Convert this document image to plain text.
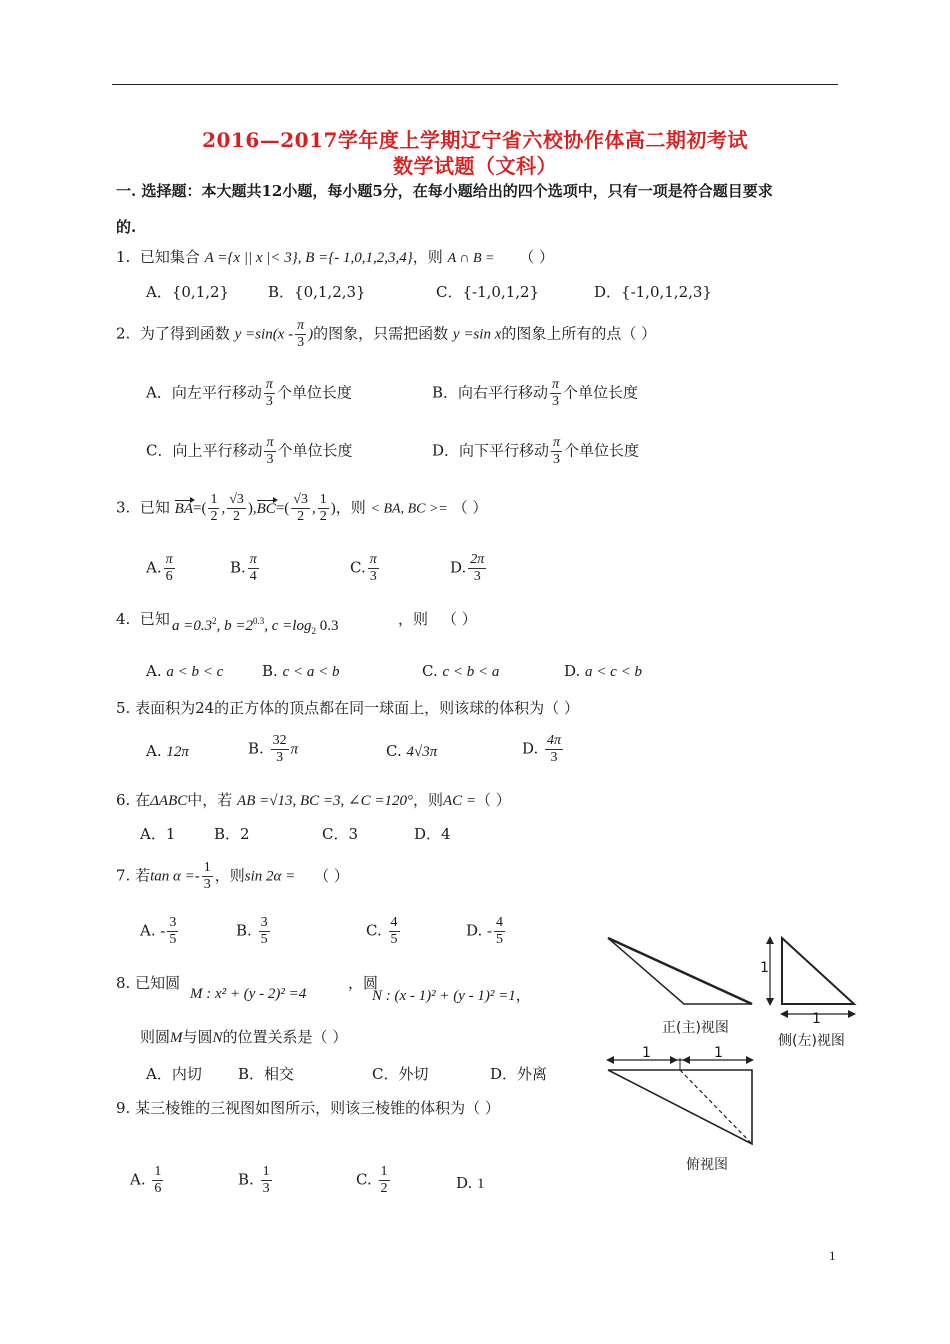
2016—2017学年度上学期辽宁省六校协作体高二期初考试
数学试题（文科）
一. 选择题：本大题共12小题，每小题5分，在每小题给出的四个选项中，只有一项是符合题目要求
的.
1. 已知集合 A ={x || x |< 3}, B ={- 1,0,1,2,3,4}，则 A ∩ B = （ ）
A．{0,1,2}	B．{0,1,2,3}	C．{-1,0,1,2}	D．{-1,0,1,2,3}
2. 为了得到函数 $y =\sin(x - \frac{\pi}{3}$ )的图象，只需把函数 y =sin x的图象上所有的点（ ）
A．向左平行移动 $\frac{\pi}{3}$ 个单位长度	B．向右平行移动 $\frac{\pi}{3}$ 个单位长度
C．向上平行移动 $\frac{\pi}{3}$ 个单位长度	D．向下平行移动 $\frac{\pi}{3}$ 个单位长度
3. 已知 $BA=( \frac{1}{2}$ , $\frac{√3}{2} ),BC=( \frac{√3}{2}$ , $\frac{1}{2}$ )，则 < BA, BC >= （ ）
A. $\frac{\pi}{6}$	B. $\frac{\pi}{4}$	C. $\frac{\pi}{3}$	D. $\frac{2\pi}{3}$
4. 已知 $a =0.3^2$, $b =2^{0.3}$, $c =\log_2$ 0.3	，则 （ ）
A. a < b < c	B. c < a < b	C. c < b < a	D. a < c < b
5. 表面积为24的正方体的顶点都在同一球面上，则该球的体积为（ ）
A. 12π	B. $\frac{32}{3}$ π	C. 4√3π	D. $\frac{4\pi}{3}$
6. 在ΔABC中，若 AB =√13, BC =3, ∠C =120°，则AC =（ ）
A．1	B．2	C．3	D．4
7. 若$\tan \alpha =- \frac{1}{3}$ ，则sin 2α = （ ）
A. - $\frac{3}{5}$	B. $\frac{3}{5}$	C. $\frac{4}{5}$	D. - $\frac{4}{5}$
8. 已知圆
M : x² + (y - 2)² =4
，圆
N : (x - 1)² + (y - 1)² =1，
则圆M与圆N的位置关系是（ ）
A．内切 B．相交	C．外切	D．外离
9. 某三棱锥的三视图如图所示，则该三棱锥的体积为（ ）
A. $\frac{1}{6}$	B. $\frac{1}{3}$	C. $\frac{1}{2}$	D. 1
正(主)视图
侧(左)视图
俯视图
1
1
1	1
1
